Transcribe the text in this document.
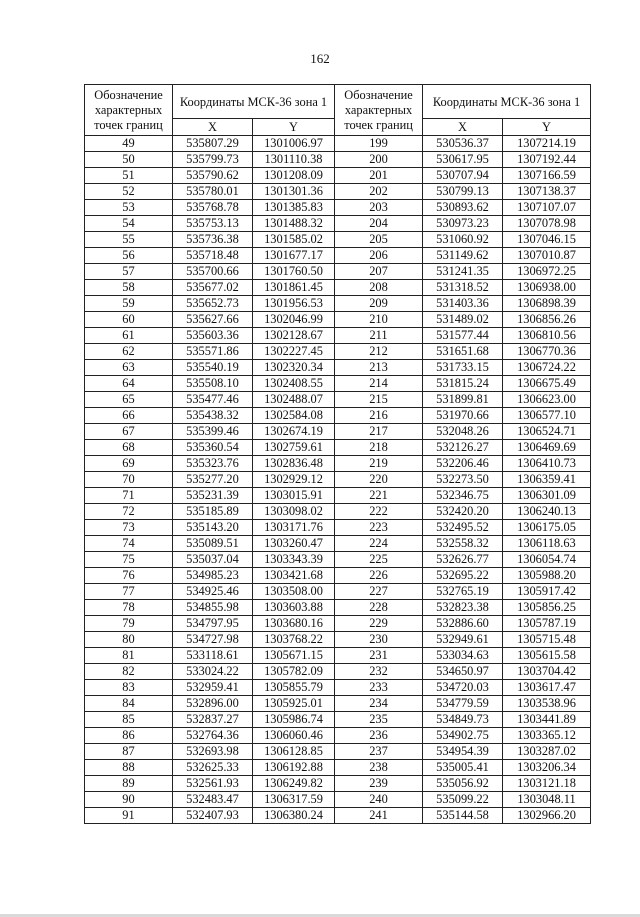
162
Обозначение характерных точек границ	Координаты МСК-36 зона 1		Обозначение характерных точек границ	Координаты МСК-36 зона 1	
	X	Y		X	Y
49	535807.29	1301006.97	199	530536.37	1307214.19
50	535799.73	1301110.38	200	530617.95	1307192.44
51	535790.62	1301208.09	201	530707.94	1307166.59
52	535780.01	1301301.36	202	530799.13	1307138.37
53	535768.78	1301385.83	203	530893.62	1307107.07
54	535753.13	1301488.32	204	530973.23	1307078.98
55	535736.38	1301585.02	205	531060.92	1307046.15
56	535718.48	1301677.17	206	531149.62	1307010.87
57	535700.66	1301760.50	207	531241.35	1306972.25
58	535677.02	1301861.45	208	531318.52	1306938.00
59	535652.73	1301956.53	209	531403.36	1306898.39
60	535627.66	1302046.99	210	531489.02	1306856.26
61	535603.36	1302128.67	211	531577.44	1306810.56
62	535571.86	1302227.45	212	531651.68	1306770.36
63	535540.19	1302320.34	213	531733.15	1306724.22
64	535508.10	1302408.55	214	531815.24	1306675.49
65	535477.46	1302488.07	215	531899.81	1306623.00
66	535438.32	1302584.08	216	531970.66	1306577.10
67	535399.46	1302674.19	217	532048.26	1306524.71
68	535360.54	1302759.61	218	532126.27	1306469.69
69	535323.76	1302836.48	219	532206.46	1306410.73
70	535277.20	1302929.12	220	532273.50	1306359.41
71	535231.39	1303015.91	221	532346.75	1306301.09
72	535185.89	1303098.02	222	532420.20	1306240.13
73	535143.20	1303171.76	223	532495.52	1306175.05
74	535089.51	1303260.47	224	532558.32	1306118.63
75	535037.04	1303343.39	225	532626.77	1306054.74
76	534985.23	1303421.68	226	532695.22	1305988.20
77	534925.46	1303508.00	227	532765.19	1305917.42
78	534855.98	1303603.88	228	532823.38	1305856.25
79	534797.95	1303680.16	229	532886.60	1305787.19
80	534727.98	1303768.22	230	532949.61	1305715.48
81	533118.61	1305671.15	231	533034.63	1305615.58
82	533024.22	1305782.09	232	534650.97	1303704.42
83	532959.41	1305855.79	233	534720.03	1303617.47
84	532896.00	1305925.01	234	534779.59	1303538.96
85	532837.27	1305986.74	235	534849.73	1303441.89
86	532764.36	1306060.46	236	534902.75	1303365.12
87	532693.98	1306128.85	237	534954.39	1303287.02
88	532625.33	1306192.88	238	535005.41	1303206.34
89	532561.93	1306249.82	239	535056.92	1303121.18
90	532483.47	1306317.59	240	535099.22	1303048.11
91	532407.93	1306380.24	241	535144.58	1302966.20
